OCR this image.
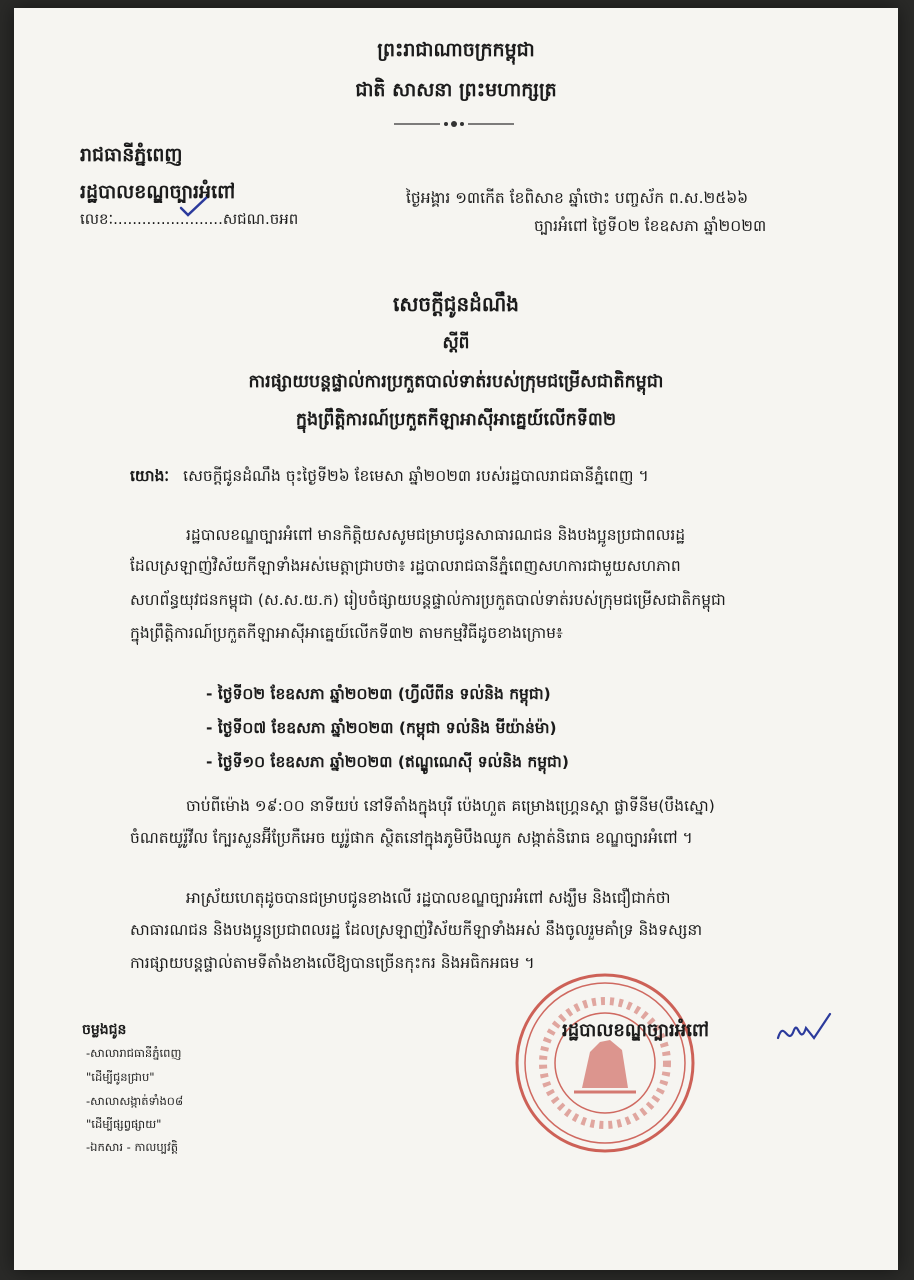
ព្រះរាជាណាចក្រកម្ពុជា
ជាតិ សាសនា ព្រះមហាក្សត្រ
រាជធានីភ្នំពេញ
រដ្ឋបាលខណ្ឌច្បារអំពៅ
លេខៈ.......................សជណ.ចអព
ថ្ងៃអង្គារ ១៣កើត ខែពិសាខ ឆ្នាំថោះ បញ្ចស័ក ព.ស.២៥៦៦
ច្បារអំពៅ ថ្ងៃទី០២ ខែឧសភា ឆ្នាំ២០២៣
សេចក្តីជូនដំណឹង
ស្តីពី
ការផ្សាយបន្តផ្ទាល់ការប្រកួតបាល់ទាត់របស់ក្រុមជម្រើសជាតិកម្ពុជា
ក្នុងព្រឹត្តិការណ៍ប្រកួតកីឡាអាស៊ីអាគ្នេយ៍លើកទី៣២
យោងៈ សេចក្តីជូនដំណឹង ចុះថ្ងៃទី២៦ ខែមេសា ឆ្នាំ២០២៣ របស់រដ្ឋបាលរាជធានីភ្នំពេញ ។
រដ្ឋបាលខណ្ឌច្បារអំពៅ មានកិត្តិយសសូមជម្រាបជូនសាធារណជន និងបងប្អូនប្រជាពលរដ្ឋ
ដែលស្រឡាញ់វិស័យកីឡាទាំងអស់មេត្តាជ្រាបថា៖ រដ្ឋបាលរាជធានីភ្នំពេញសហការជាមួយសហភាព
សហព័ន្ធយុវជនកម្ពុជា (ស.ស.យ.ក) រៀបចំផ្សាយបន្តផ្ទាល់ការប្រកួតបាល់ទាត់របស់ក្រុមជម្រើសជាតិកម្ពុជា
ក្នុងព្រឹត្តិការណ៍ប្រកួតកីឡាអាស៊ីអាគ្នេយ៍លើកទី៣២ តាមកម្មវិធីដូចខាងក្រោម៖
- ថ្ងៃទី០២ ខែឧសភា ឆ្នាំ២០២៣ (ហ្វីលីពីន ទល់និង កម្ពុជា)
- ថ្ងៃទី០៧ ខែឧសភា ឆ្នាំ២០២៣ (កម្ពុជា ទល់និង មីយ៉ាន់ម៉ា)
- ថ្ងៃទី១០ ខែឧសភា ឆ្នាំ២០២៣ (ឥណ្ឌូណេស៊ី ទល់និង កម្ពុជា)
ចាប់ពីម៉ោង ១៩:០០ នាទីយប់ នៅទីតាំងក្នុងបុរី ប៉េងហួត គម្រោងហ្គ្រេនស្តា ផ្លាទីនីម(បឹងស្នោ)
ចំណតយូរ៉ូវីល ក្បែរសួនអ៊ីប្រែកឺអេច យូរ៉ូផាក ស្ថិតនៅក្នុងភូមិបឹងឈូក សង្កាត់និរោធ ខណ្ឌច្បារអំពៅ ។
អាស្រ័យហេតុដូចបានជម្រាបជូនខាងលើ រដ្ឋបាលខណ្ឌច្បារអំពៅ សង្ឃឹម និងជឿជាក់ថា
សាធារណជន និងបងប្អូនប្រជាពលរដ្ឋ ដែលស្រឡាញ់វិស័យកីឡាទាំងអស់ នឹងចូលរួមគាំទ្រ និងទស្សនា
ការផ្សាយបន្តផ្ទាល់តាមទីតាំងខាងលើឱ្យបានច្រើនកុះករ និងអធិកអធម ។
រដ្ឋបាលខណ្ឌច្បារអំពៅ
ចម្លងជូន
-សាលារាជធានីភ្នំពេញ
"ដើម្បីជូនជ្រាប"
-សាលាសង្កាត់ទាំង០៨
"ដើម្បីផ្សព្វផ្សាយ"
-ឯកសារ - កាលប្បវត្តិ
